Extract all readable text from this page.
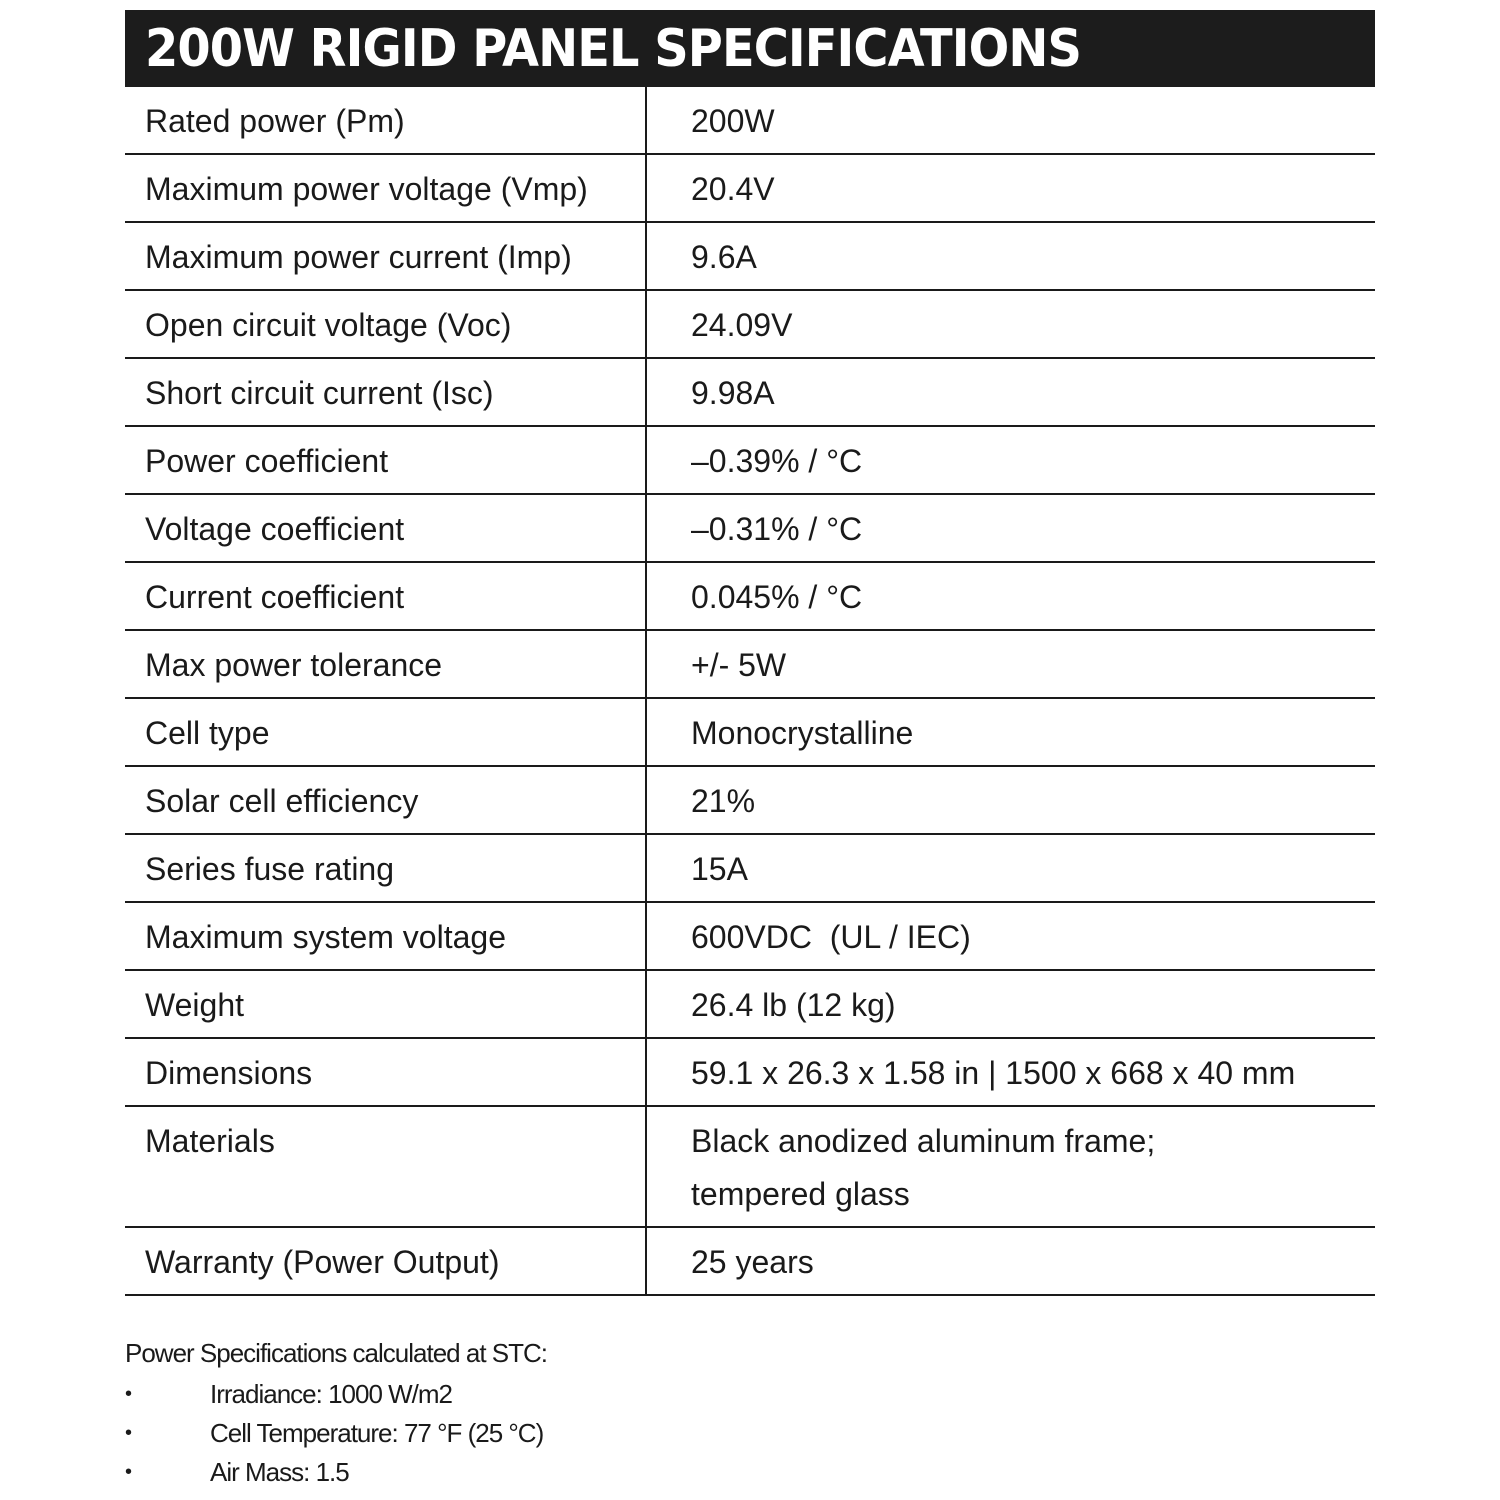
200W RIGID PANEL SPECIFICATIONS
Rated power (Pm)	200W
Maximum power voltage (Vmp)	20.4V
Maximum power current (Imp)	9.6A
Open circuit voltage (Voc)	24.09V
Short circuit current (Isc)	9.98A
Power coefficient	–0.39% / °C
Voltage coefficient	–0.31% / °C
Current coefficient	0.045% / °C
Max power tolerance	+/- 5W
Cell type	Monocrystalline
Solar cell efficiency	21%
Series fuse rating	15A
Maximum system voltage	600VDC  (UL / IEC)
Weight	26.4 lb (12 kg)
Dimensions	59.1 x 26.3 x 1.58 in | 1500 x 668 x 40 mm
Materials	Black anodized aluminum frame;
tempered glass

Warranty (Power Output)	25 years

Power Specifications calculated at STC:

•	Irradiance: 1000 W/m2
•	Cell Temperature: 77 °F (25 °C)
•	Air Mass: 1.5
